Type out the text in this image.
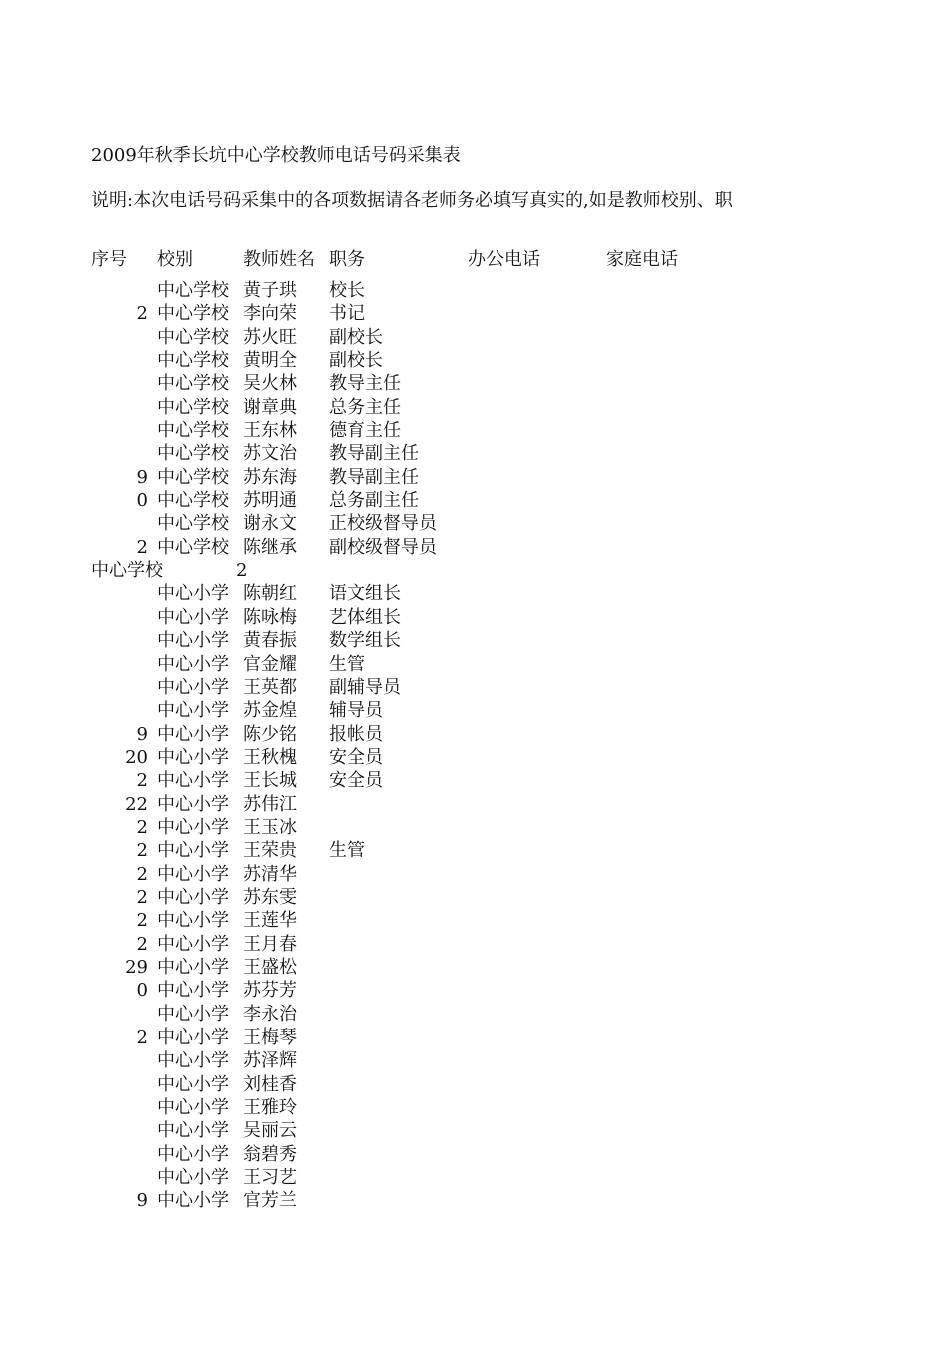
2009年秋季长坑中心学校教师电话号码采集表
说明:本次电话号码采集中的各项数据请各老师务必填写真实的,如是教师校别、职
序号 校别	教师姓名 职务	办公电话	家庭电话
中心学校 黄子珙 校长
2 中心学校 李向荣 书记
中心学校 苏火旺 副校长
中心学校 黄明全 副校长
中心学校 吴火林 教导主任
中心学校 谢章典 总务主任
中心学校 王东林 德育主任
中心学校 苏文治 教导副主任
9 中心学校 苏东海 教导副主任
0 中心学校 苏明通 总务副主任
中心学校 谢永文 正校级督导员
2 中心学校 陈继承 副校级督导员
中心学校	2
中心小学 陈朝红 语文组长
中心小学 陈咏梅 艺体组长
中心小学 黄春振 数学组长
中心小学 官金耀 生管
中心小学 王英都 副辅导员
中心小学 苏金煌 辅导员
9 中心小学 陈少铭 报帐员
20 中心小学 王秋槐 安全员
2 中心小学 王长城 安全员
22 中心小学 苏伟江
2 中心小学 王玉冰
2 中心小学 王荣贵 生管
2 中心小学 苏清华
2 中心小学 苏东雯
2 中心小学 王莲华
2 中心小学 王月春
29 中心小学 王盛松
0 中心小学 苏芬芳
中心小学 李永治
2 中心小学 王梅琴
中心小学 苏泽辉
中心小学 刘桂香
中心小学 王雅玲
中心小学 吴丽云
中心小学 翁碧秀
中心小学 王习艺
9 中心小学 官芳兰
